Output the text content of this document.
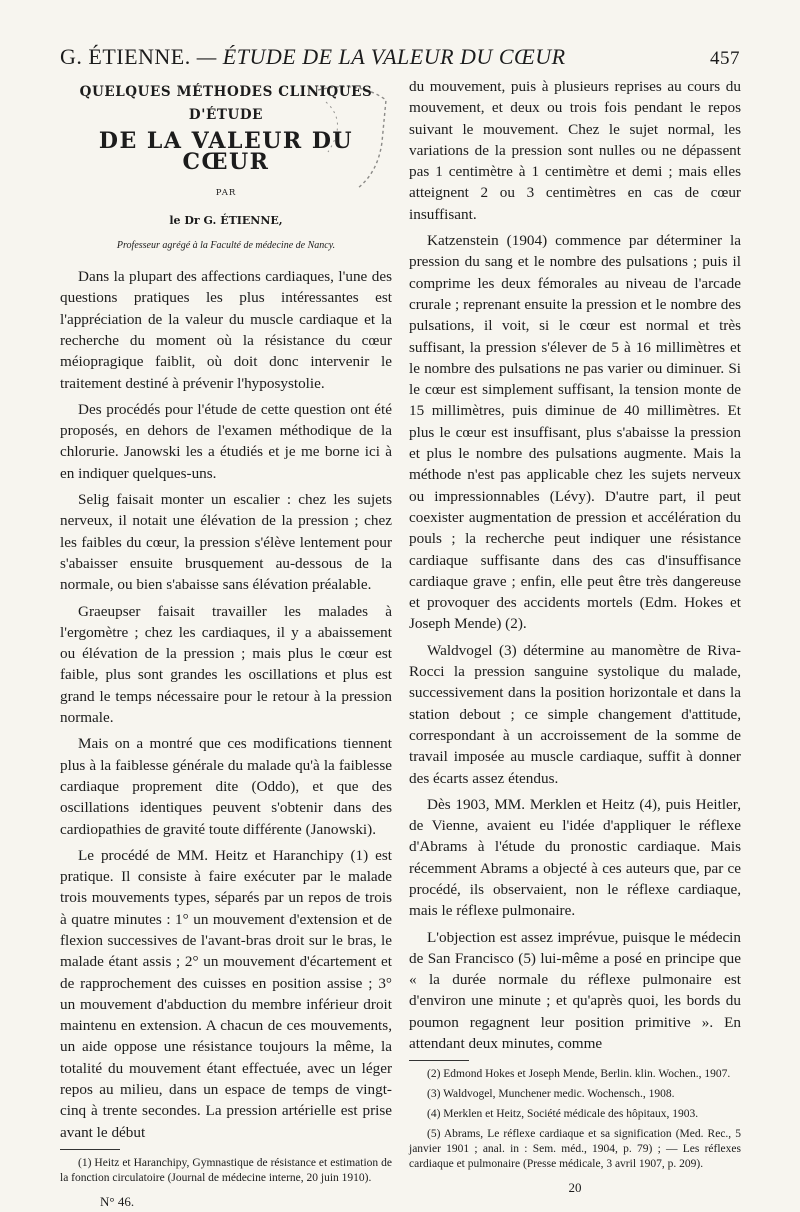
G. ÉTIENNE. — ÉTUDE DE LA VALEUR DU CŒUR	457
QUELQUES MÉTHODES CLINIQUES
D'ÉTUDE
DE LA VALEUR DU CŒUR
PAR
le Dr G. ÉTIENNE,
Professeur agrégé à la Faculté de médecine de Nancy.

Dans la plupart des affections cardiaques, l'une des questions pratiques les plus intéressantes est l'appréciation de la valeur du muscle cardiaque et la recherche du moment où la résistance du cœur méiopragique faiblit, où doit donc intervenir le traitement destiné à prévenir l'hyposystolie.

Des procédés pour l'étude de cette question ont été proposés, en dehors de l'examen méthodique de la chlorurie. Janowski les a étudiés et je me borne ici à en indiquer quelques-uns.

Selig faisait monter un escalier : chez les sujets nerveux, il notait une élévation de la pression ; chez les faibles du cœur, la pression s'élève lentement pour s'abaisser ensuite brusquement au-dessous de la normale, ou bien s'abaisse sans élévation préalable.

Graeupser faisait travailler les malades à l'ergomètre ; chez les cardiaques, il y a abaissement ou élévation de la pression ; mais plus le cœur est faible, plus sont grandes les oscillations et plus est grand le temps nécessaire pour le retour à la pression normale.

Mais on a montré que ces modifications tiennent plus à la faiblesse générale du malade qu'à la faiblesse cardiaque proprement dite (Oddo), et que des oscillations identiques peuvent s'obtenir dans des cardiopathies de gravité toute différente (Janowski).

Le procédé de MM. Heitz et Haranchipy (1) est pratique. Il consiste à faire exécuter par le malade trois mouvements types, séparés par un repos de trois à quatre minutes : 1° un mouvement d'extension et de flexion successives de l'avant-bras droit sur le bras, le malade étant assis ; 2° un mouvement d'écartement et de rapprochement des cuisses en position assise ; 3° un mouvement d'abduction du membre inférieur droit maintenu en extension. A chacun de ces mouvements, un aide oppose une résistance toujours la même, la totalité du mouvement étant effectuée, avec un léger repos au milieu, dans un espace de temps de vingt-cinq à trente secondes. La pression artérielle est prise avant le début

(1) Heitz et Haranchipy, Gymnastique de résistance et estimation de la fonction circulatoire (Journal de médecine interne, 20 juin 1910).

N° 46.

du mouvement, puis à plusieurs reprises au cours du mouvement, et deux ou trois fois pendant le repos suivant le mouvement. Chez le sujet normal, les variations de la pression sont nulles ou ne dépassent pas 1 centimètre à 1 centimètre et demi ; mais elles atteignent 2 ou 3 centimètres en cas de cœur insuffisant.

Katzenstein (1904) commence par déterminer la pression du sang et le nombre des pulsations ; puis il comprime les deux fémorales au niveau de l'arcade crurale ; reprenant ensuite la pression et le nombre des pulsations, il voit, si le cœur est normal et très suffisant, la pression s'élever de 5 à 16 millimètres et le nombre des pulsations ne pas varier ou diminuer. Si le cœur est simplement suffisant, la tension monte de 15 millimètres, puis diminue de 40 millimètres. Et plus le cœur est insuffisant, plus s'abaisse la pression et plus le nombre des pulsations augmente. Mais la méthode n'est pas applicable chez les sujets nerveux ou impressionnables (Lévy). D'autre part, il peut coexister augmentation de pression et accélération du pouls ; la recherche peut indiquer une résistance cardiaque suffisante dans des cas d'insuffisance cardiaque grave ; enfin, elle peut être très dangereuse et provoquer des accidents mortels (Edm. Hokes et Joseph Mende) (2).

Waldvogel (3) détermine au manomètre de Riva-Rocci la pression sanguine systolique du malade, successivement dans la position horizontale et dans la station debout ; ce simple changement d'attitude, correspondant à un accroissement de la somme de travail imposée au muscle cardiaque, suffit à donner des écarts assez étendus.

Dès 1903, MM. Merklen et Heitz (4), puis Heitler, de Vienne, avaient eu l'idée d'appliquer le réflexe d'Abrams à l'étude du pronostic cardiaque. Mais récemment Abrams a objecté à ces auteurs que, par ce procédé, ils observaient, non le réflexe cardiaque, mais le réflexe pulmonaire.

L'objection est assez imprévue, puisque le médecin de San Francisco (5) lui-même a posé en principe que « la durée normale du réflexe pulmonaire est d'environ une minute ; et qu'après quoi, les bords du poumon regagnent leur position primitive ». En attendant deux minutes, comme

(2) Edmond Hokes et Joseph Mende, Berlin. klin. Wochen., 1907.

(3) Waldvogel, Munchener medic. Wochensch., 1908.

(4) Merklen et Heitz, Société médicale des hôpitaux, 1903.

(5) Abrams, Le réflexe cardiaque et sa signification (Med. Rec., 5 janvier 1901 ; anal. in : Sem. méd., 1904, p. 79) ; — Les réflexes cardiaque et pulmonaire (Presse médicale, 3 avril 1907, p. 209).

20
